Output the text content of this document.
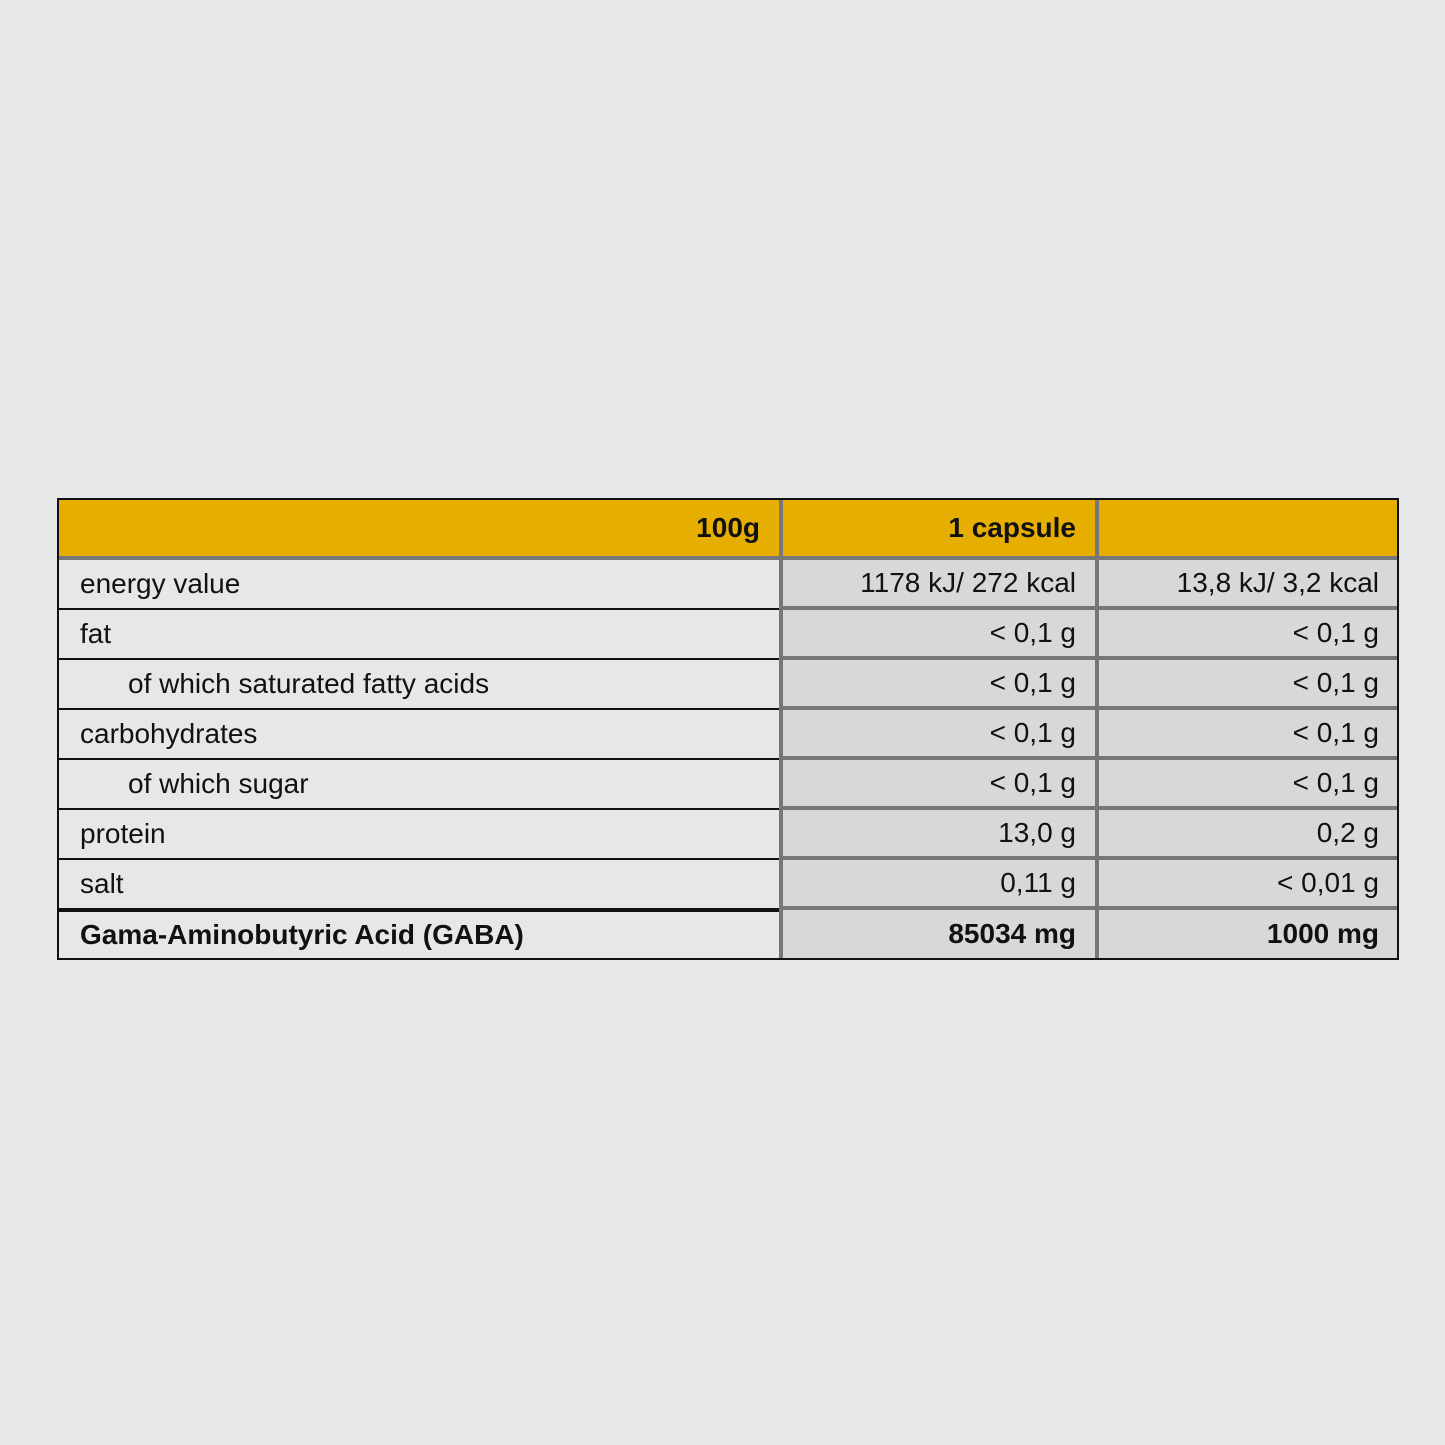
100g	1 capsule
energy value	1178 kJ/ 272 kcal	13,8 kJ/ 3,2 kcal
fat	< 0,1 g	< 0,1 g
of which saturated fatty acids	< 0,1 g	< 0,1 g
carbohydrates	< 0,1 g	< 0,1 g
of which sugar	< 0,1 g	< 0,1 g
protein	13,0 g	0,2 g
salt	0,11 g	< 0,01 g
Gama-Aminobutyric Acid (GABA)	85034 mg	1000 mg
